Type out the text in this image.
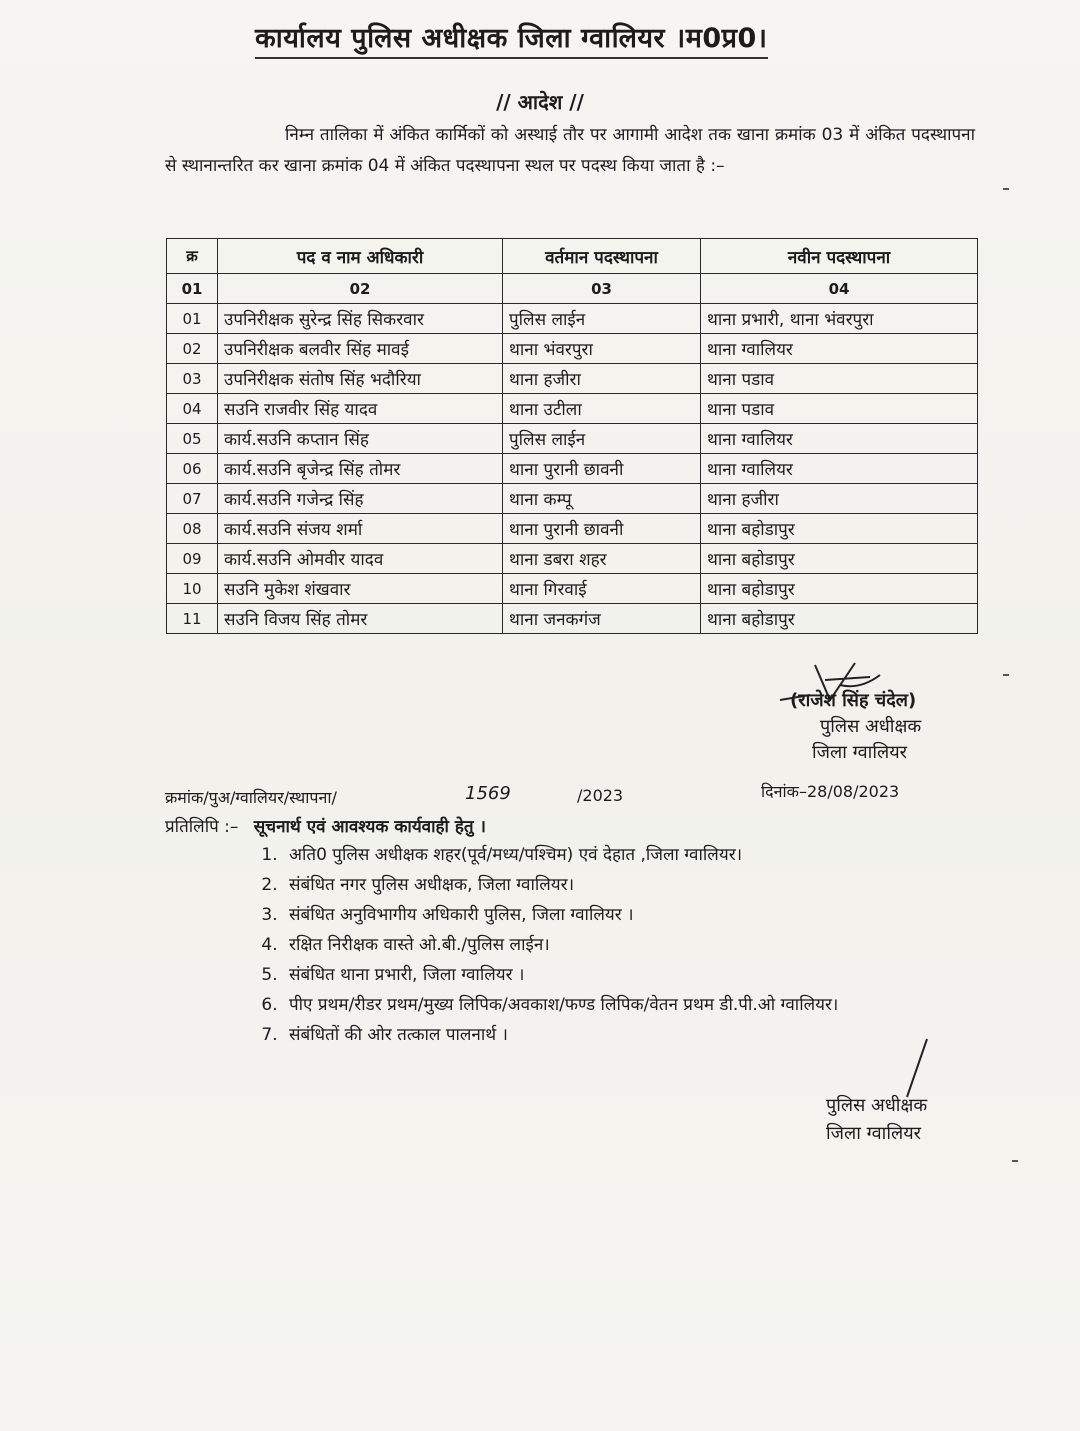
कार्यालय पुलिस अधीक्षक जिला ग्वालियर ।म0प्र0।
// आदेश //
निम्न तालिका में अंकित कार्मिकों को अस्थाई तौर पर आगामी आदेश तक खाना क्रमांक 03 में अंकित पदस्थापना से स्थानान्तरित कर खाना क्रमांक 04 में अंकित पदस्थापना स्थल पर पदस्थ किया जाता है :–
क्र	पद व नाम अधिकारी	वर्तमान पदस्थापना	नवीन पदस्थापना
01	02	03	04
01	उपनिरीक्षक सुरेन्द्र सिंह सिकरवार	पुलिस लाईन	थाना प्रभारी, थाना भंवरपुरा
02	उपनिरीक्षक बलवीर सिंह मावई	थाना भंवरपुरा	थाना ग्वालियर
03	उपनिरीक्षक संतोष सिंह भदौरिया	थाना हजीरा	थाना पडाव
04	सउनि राजवीर सिंह यादव	थाना उटीला	थाना पडाव
05	कार्य.सउनि कप्तान सिंह	पुलिस लाईन	थाना ग्वालियर
06	कार्य.सउनि बृजेन्द्र सिंह तोमर	थाना पुरानी छावनी	थाना ग्वालियर
07	कार्य.सउनि गजेन्द्र सिंह	थाना कम्पू	थाना हजीरा
08	कार्य.सउनि संजय शर्मा	थाना पुरानी छावनी	थाना बहोडापुर
09	कार्य.सउनि ओमवीर यादव	थाना डबरा शहर	थाना बहोडापुर
10	सउनि मुकेश शंखवार	थाना गिरवाई	थाना बहोडापुर
11	सउनि विजय सिंह तोमर	थाना जनकगंज	थाना बहोडापुर
(राजेश सिंह चंदेल)
पुलिस अधीक्षक
जिला ग्वालियर
क्रमांक/पुअ/ग्वालियर/स्थापना/	1569	/2023	दिनांक–28/08/2023
प्रतिलिपि :– सूचनार्थ एवं आवश्यक कार्यवाही हेतु ।
1. अति0 पुलिस अधीक्षक शहर(पूर्व/मध्य/पश्चिम) एवं देहात ,जिला ग्वालियर।
2. संबंधित नगर पुलिस अधीक्षक, जिला ग्वालियर।
3. संबंधित अनुविभागीय अधिकारी पुलिस, जिला ग्वालियर ।
4. रक्षित निरीक्षक वास्ते ओ.बी./पुलिस लाईन।
5. संबंधित थाना प्रभारी, जिला ग्वालियर ।
6. पीए प्रथम/रीडर प्रथम/मुख्य लिपिक/अवकाश/फण्ड लिपिक/वेतन प्रथम डी.पी.ओ ग्वालियर।
7. संबंधितों की ओर तत्काल पालनार्थ ।
पुलिस अधीक्षक
जिला ग्वालियर
